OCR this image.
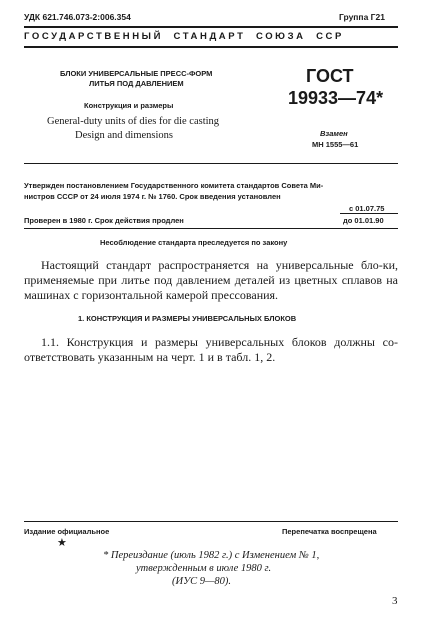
УДК 621.746.073-2:006.354	Группа Г21
ГОСУДАРСТВЕННЫЙ  СТАНДАРТ  СОЮЗА  ССР
БЛОКИ УНИВЕРСАЛЬНЫЕ ПРЕСС-ФОРМ
ЛИТЬЯ ПОД ДАВЛЕНИЕМ
Конструкция и размеры
General-duty units of dies for die casting
Design and dimensions
ГОСТ
19933—74*
Взамен
МН 1555—61
Утвержден постановлением Государственного комитета стандартов Совета Ми-
нистров СССР от 24 июля 1974 г. № 1760. Срок введения установлен
с 01.07.75
Проверен в 1980 г. Срок действия продлен	до 01.01.90
Несоблюдение стандарта преследуется по закону
Настоящий стандарт распространяется на универсальные бло-ки, применяемые при литье под давлением деталей из цветных сплавов на машинах с горизонтальной камерой прессования.
1. КОНСТРУКЦИЯ И РАЗМЕРЫ УНИВЕРСАЛЬНЫХ БЛОКОВ
1.1. Конструкция и размеры универсальных блоков должны со-ответствовать указанным на черт. 1 и в табл. 1, 2.
Издание официальное	Перепечатка воспрещена
★
* Переиздание (июль 1982 г.) с Изменением № 1,
утвержденным в июле 1980 г.
(ИУС 9—80).
3
